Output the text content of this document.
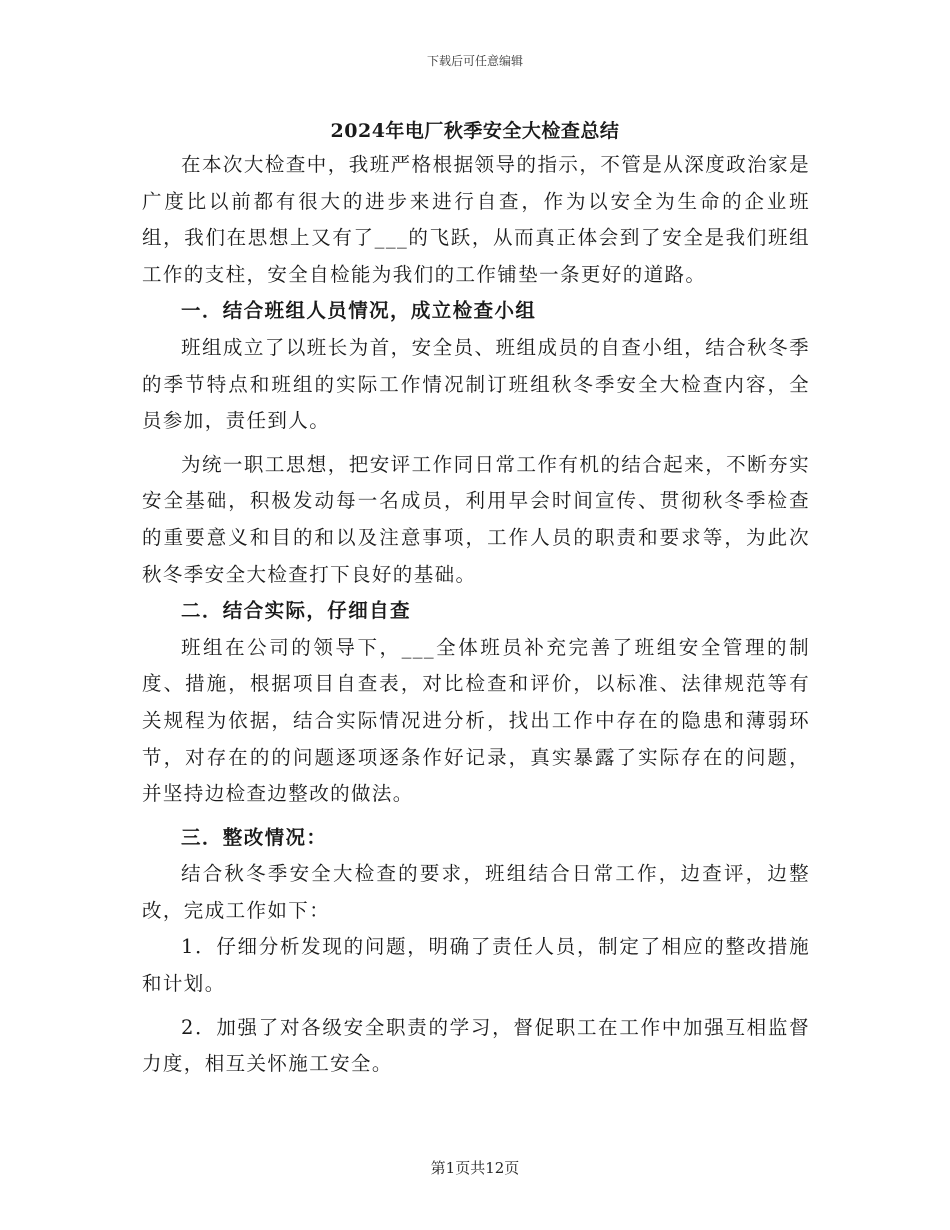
下载后可任意编辑
2024年电厂秋季安全大检查总结

在本次大检查中，我班严格根据领导的指示，不管是从深度政治家是广度比以前都有很大的进步来进行自查，作为以安全为生命的企业班组，我们在思想上又有了___的飞跃，从而真正体会到了安全是我们班组工作的支柱，安全自检能为我们的工作铺垫一条更好的道路。

一．结合班组人员情况，成立检查小组

班组成立了以班长为首，安全员、班组成员的自查小组，结合秋冬季的季节特点和班组的实际工作情况制订班组秋冬季安全大检查内容，全员参加，责任到人。

为统一职工思想，把安评工作同日常工作有机的结合起来，不断夯实安全基础，积极发动每一名成员，利用早会时间宣传、贯彻秋冬季检查的重要意义和目的和以及注意事项，工作人员的职责和要求等，为此次秋冬季安全大检查打下良好的基础。

二．结合实际，仔细自查

班组在公司的领导下，___全体班员补充完善了班组安全管理的制度、措施，根据项目自查表，对比检查和评价，以标准、法律规范等有关规程为依据，结合实际情况进分析，找出工作中存在的隐患和薄弱环节，对存在的的问题逐项逐条作好记录，真实暴露了实际存在的问题，并坚持边检查边整改的做法。

三．整改情况：

结合秋冬季安全大检查的要求，班组结合日常工作，边查评，边整改，完成工作如下：

1．仔细分析发现的问题，明确了责任人员，制定了相应的整改措施和计划。

2．加强了对各级安全职责的学习，督促职工在工作中加强互相监督力度，相互关怀施工安全。

第1页共12页
